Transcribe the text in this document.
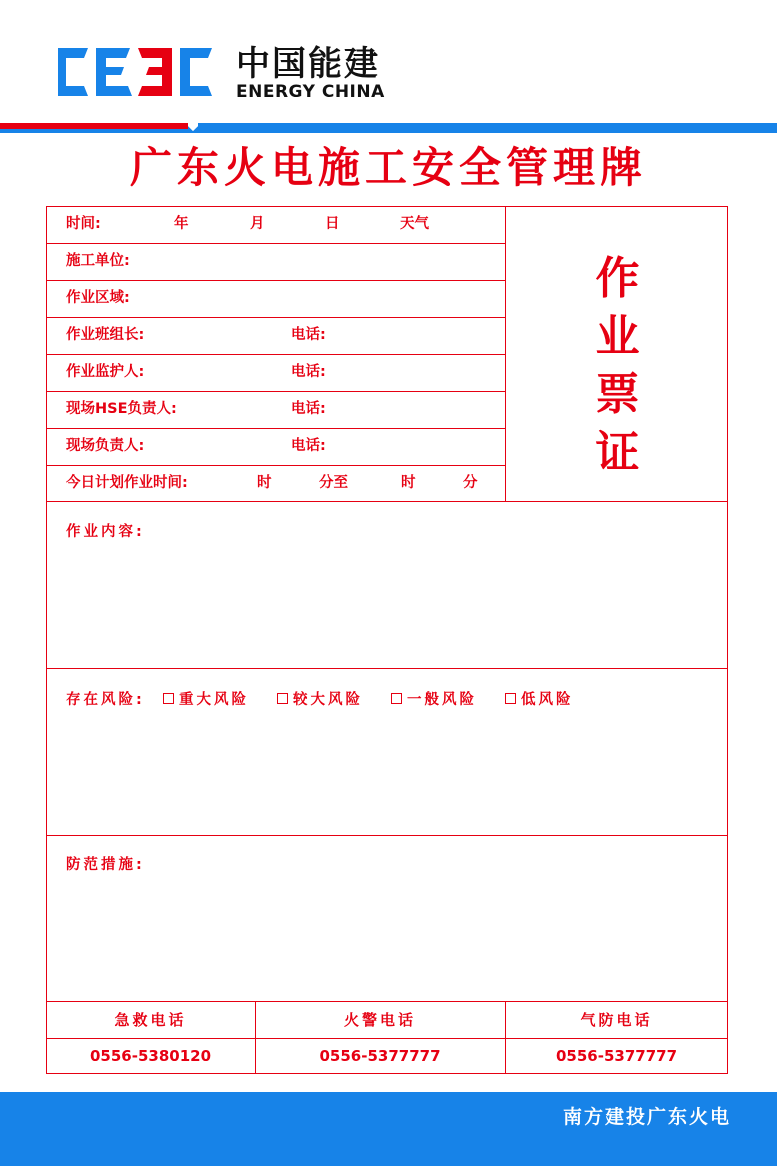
中国能建
ENERGY CHINA
广东火电施工安全管理牌
时间:	年	月	日	天气
施工单位:
作业区域:
作业班组长:	电话:
作业监护人:	电话:
现场HSE负责人:	电话:
现场负责人:	电话:
今日计划作业时间:	时	分至	时	分
作
业
票
证
作业内容:
存在风险:	重大风险	较大风险	一般风险	低风险
防范措施:
急救电话	火警电话	气防电话
0556-5380120	0556-5377777	0556-5377777
南方建投广东火电
